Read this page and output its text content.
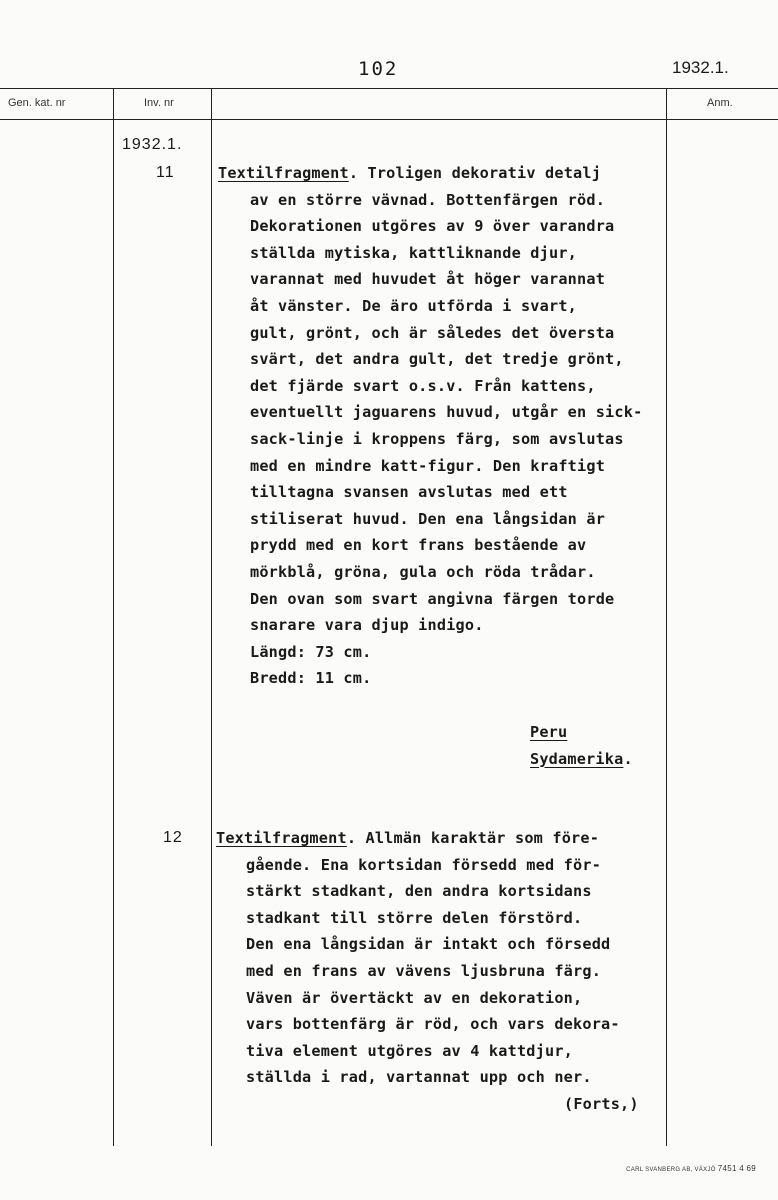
102	1932.1.
Gen. kat. nr	Inv. nr	Anm.
1932.1.
11	Textilfragment. Troligen dekorativ detalj
av en större vävnad. Bottenfärgen röd.
Dekorationen utgöres av 9 över varandra
ställda mytiska, kattliknande djur,
varannat med huvudet åt höger varannat
åt vänster. De äro utförda i svart,
gult, grönt, och är således det översta
svärt, det andra gult, det tredje grönt,
det fjärde svart o.s.v. Från kattens,
eventuellt jaguarens huvud, utgår en sick-
sack-linje i kroppens färg, som avslutas
med en mindre katt-figur. Den kraftigt
tilltagna svansen avslutas med ett
stiliserat huvud. Den ena långsidan är
prydd med en kort frans bestående av
mörkblå, gröna, gula och röda trådar.
Den ovan som svart angivna färgen torde
snarare vara djup indigo.
Längd: 73 cm.
Bredd: 11 cm.
Peru
Sydamerika.
12 Textilfragment. Allmän karaktär som före-
gående. Ena kortsidan försedd med för-
stärkt stadkant, den andra kortsidans
stadkant till större delen förstörd.
Den ena långsidan är intakt och försedd
med en frans av vävens ljusbruna färg.
Väven är övertäckt av en dekoration,
vars bottenfärg är röd, och vars dekora-
tiva element utgöres av 4 kattdjur,
ställda i rad, vartannat upp och ner.
(Forts,)
CARL SVANBERG AB, VÄXJÖ 7451 4 69
